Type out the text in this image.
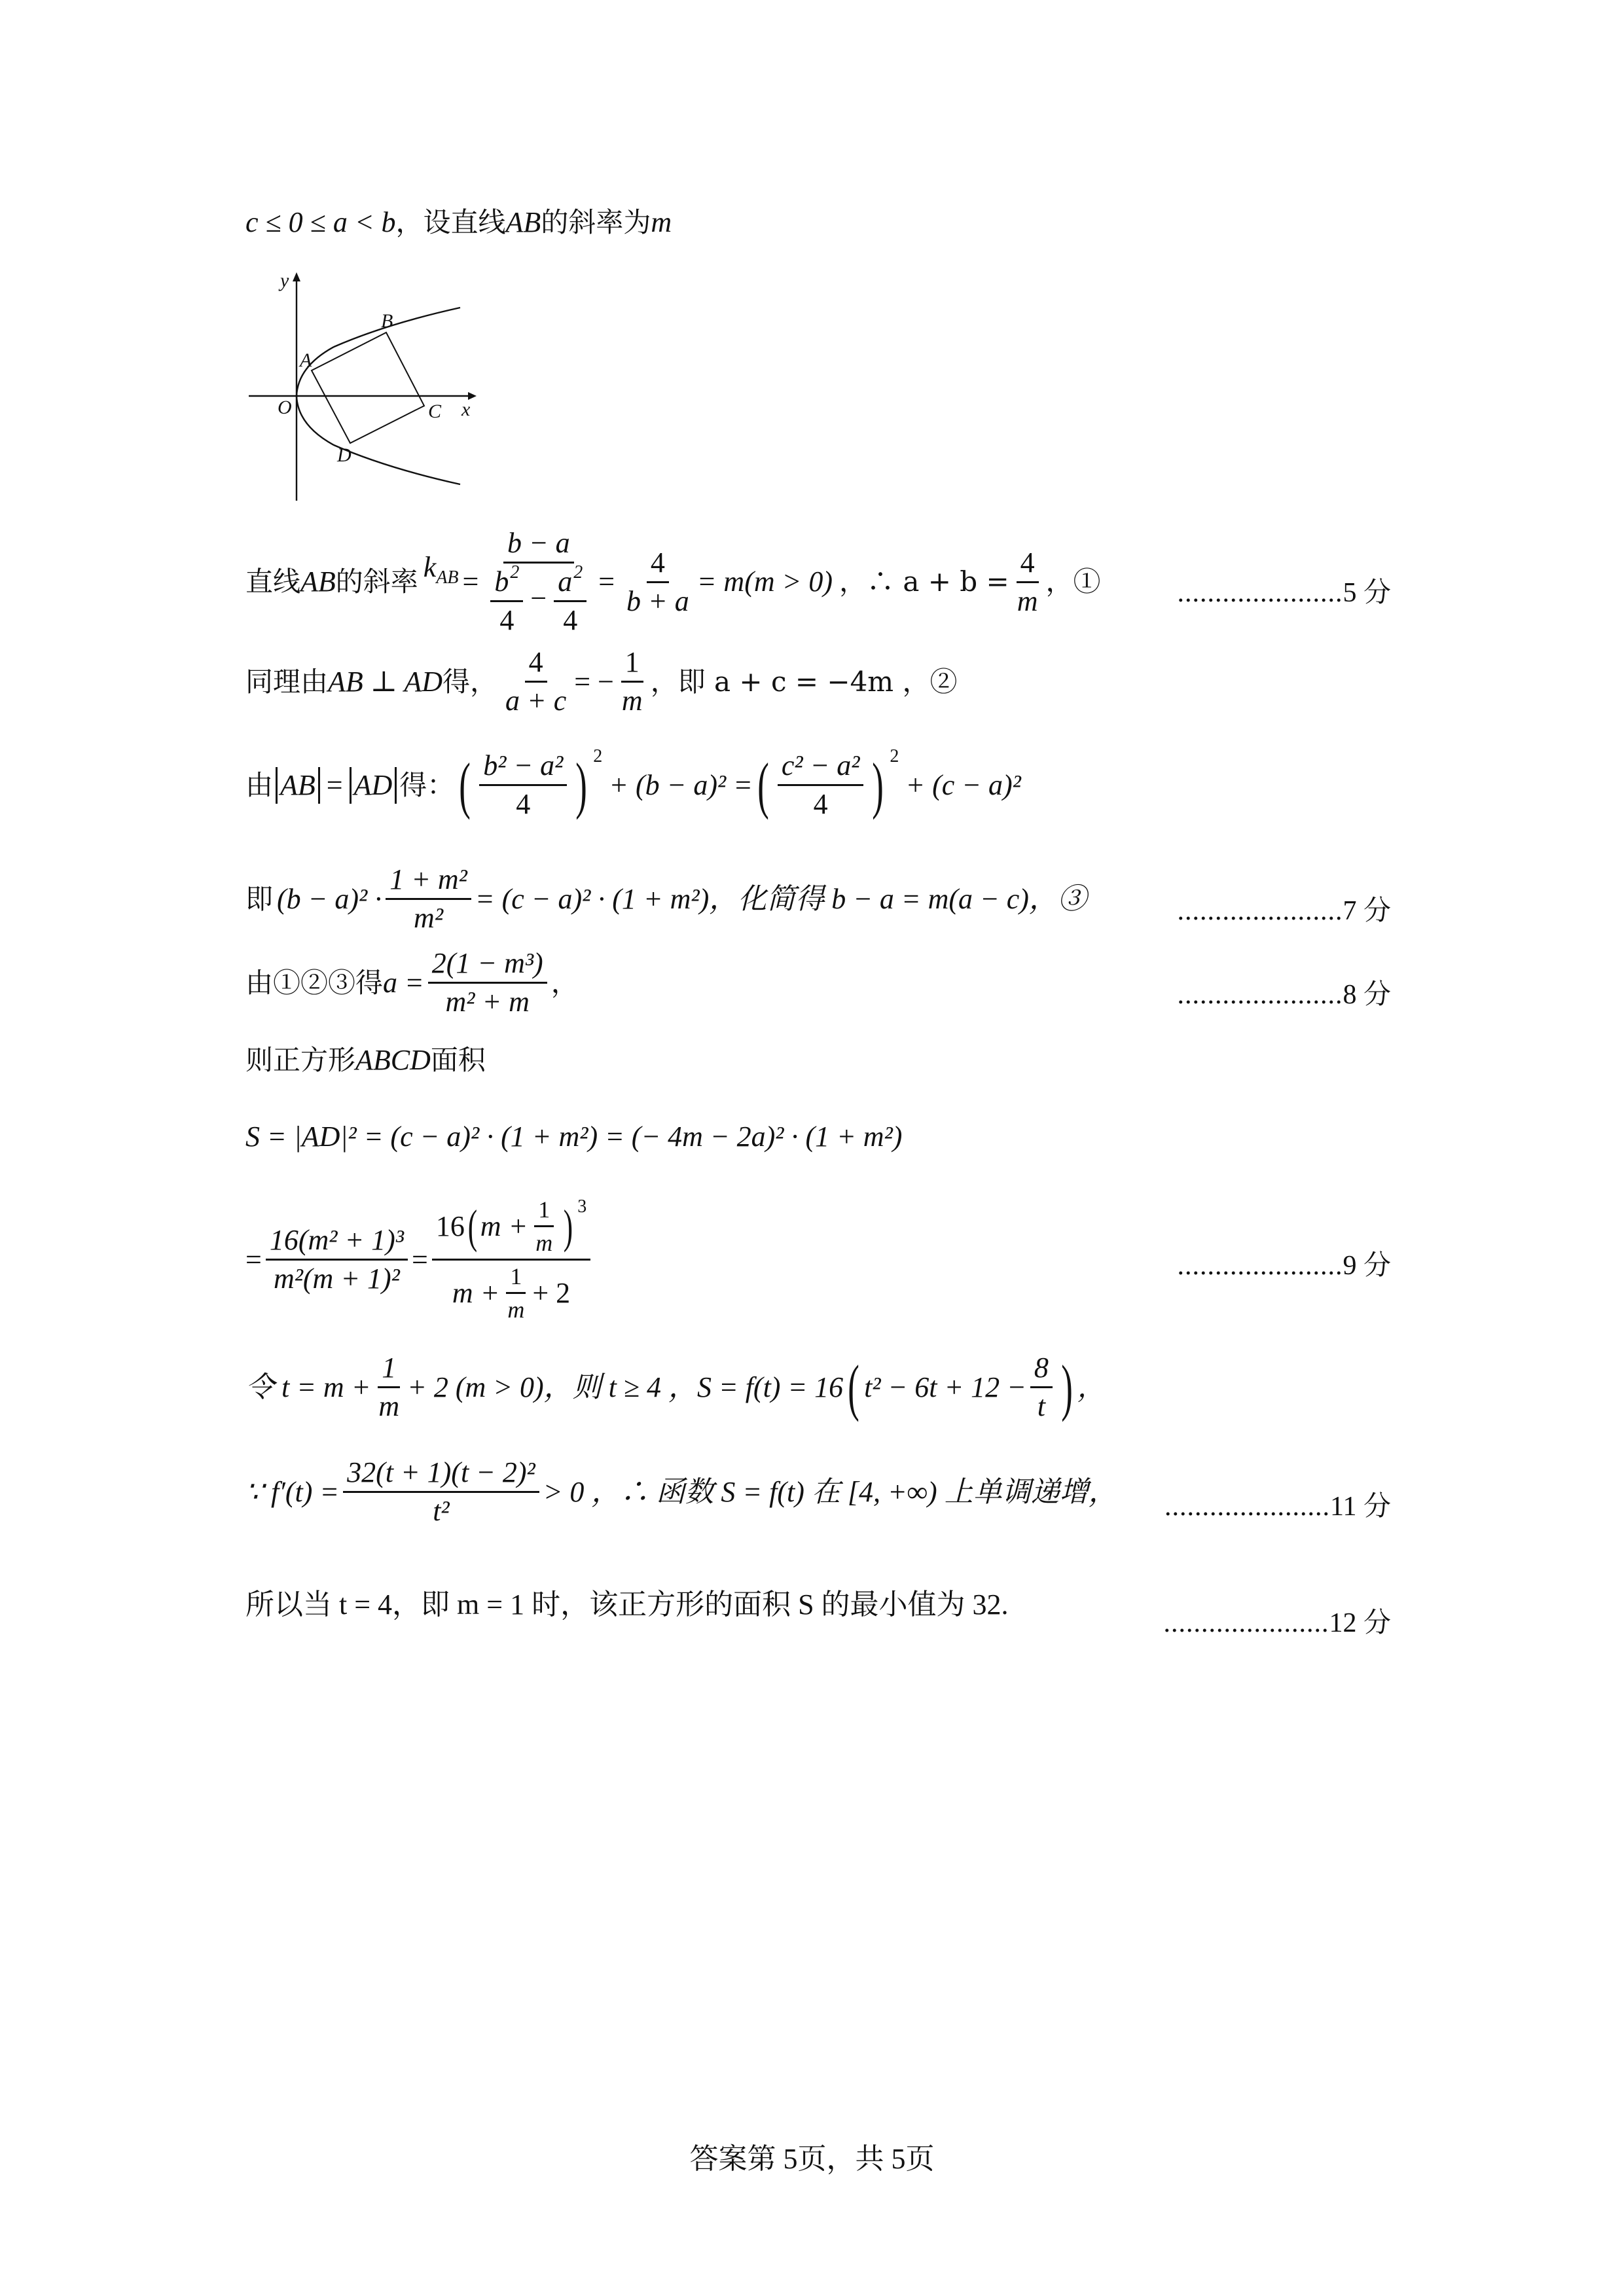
c ≤ 0 ≤ a < b ，设直线 AB 的斜率为 m
y
x
O
A
B
C
D
直线 AB 的斜率 $k_{AB} = \frac{b - a}{\frac{b^2}{4} - \frac{a^2}{4}} = \frac{4}{b + a} = m(m > 0)$ ，∴ $a + b = \frac{4}{m}$ ，①	......................5 分
同理由 AB ⊥ AD 得， $\frac{4}{a + c}$ = − $\frac{1}{m}$ ，即 a + c = −4m ，②
由 AB = AD 得： ( $\frac{\text{b² − a²}}{4}$ ) 2
+ (b − a)² = ( $\frac{\text{c² − a²}}{4}$ ) 2
+ (c − a)²
即 $(b - a)^2 \cdot \frac{\text{1 + m²}}{\text{m²}} = (c - a)^2 \cdot (1 + m^2)$，化简得 b − a = m(a − c)，③	......................7 分
由①②③得 $a = \frac{\text{2(1 − m³)}}{\text{m² + m}}$ ，	......................8 分
则正方形 ABCD 面积
S = |AD|² = (c − a)² · (1 + m²) = (− 4m − 2a)² · (1 + m²)
= $\frac{\text{16(m² + 1)³}}{\text{m²(m + 1)²}} = \frac{16 ( m + \frac{1}{m} ) 3}{m + \frac{1}{m} + 2}$	......................9 分
令 $t = m + \frac{1}{m} + 2$ (m > 0)，则 t ≥ 4 ，S = f(t) = 16 ( $t^2 - 6t + 12 - \frac{8}{t}$ ) ，
∵ $f'(t) = \frac{\text{32(t + 1)(t − 2)²}}{\text{t²}} > 0$ ，∴ 函数 S = f(t) 在 [4, +∞) 上单调递增， ......................11 分
所以当 t = 4，即 m = 1 时，该正方形的面积 S 的最小值为 32.
......................12 分
答案第 5页，共 5页
